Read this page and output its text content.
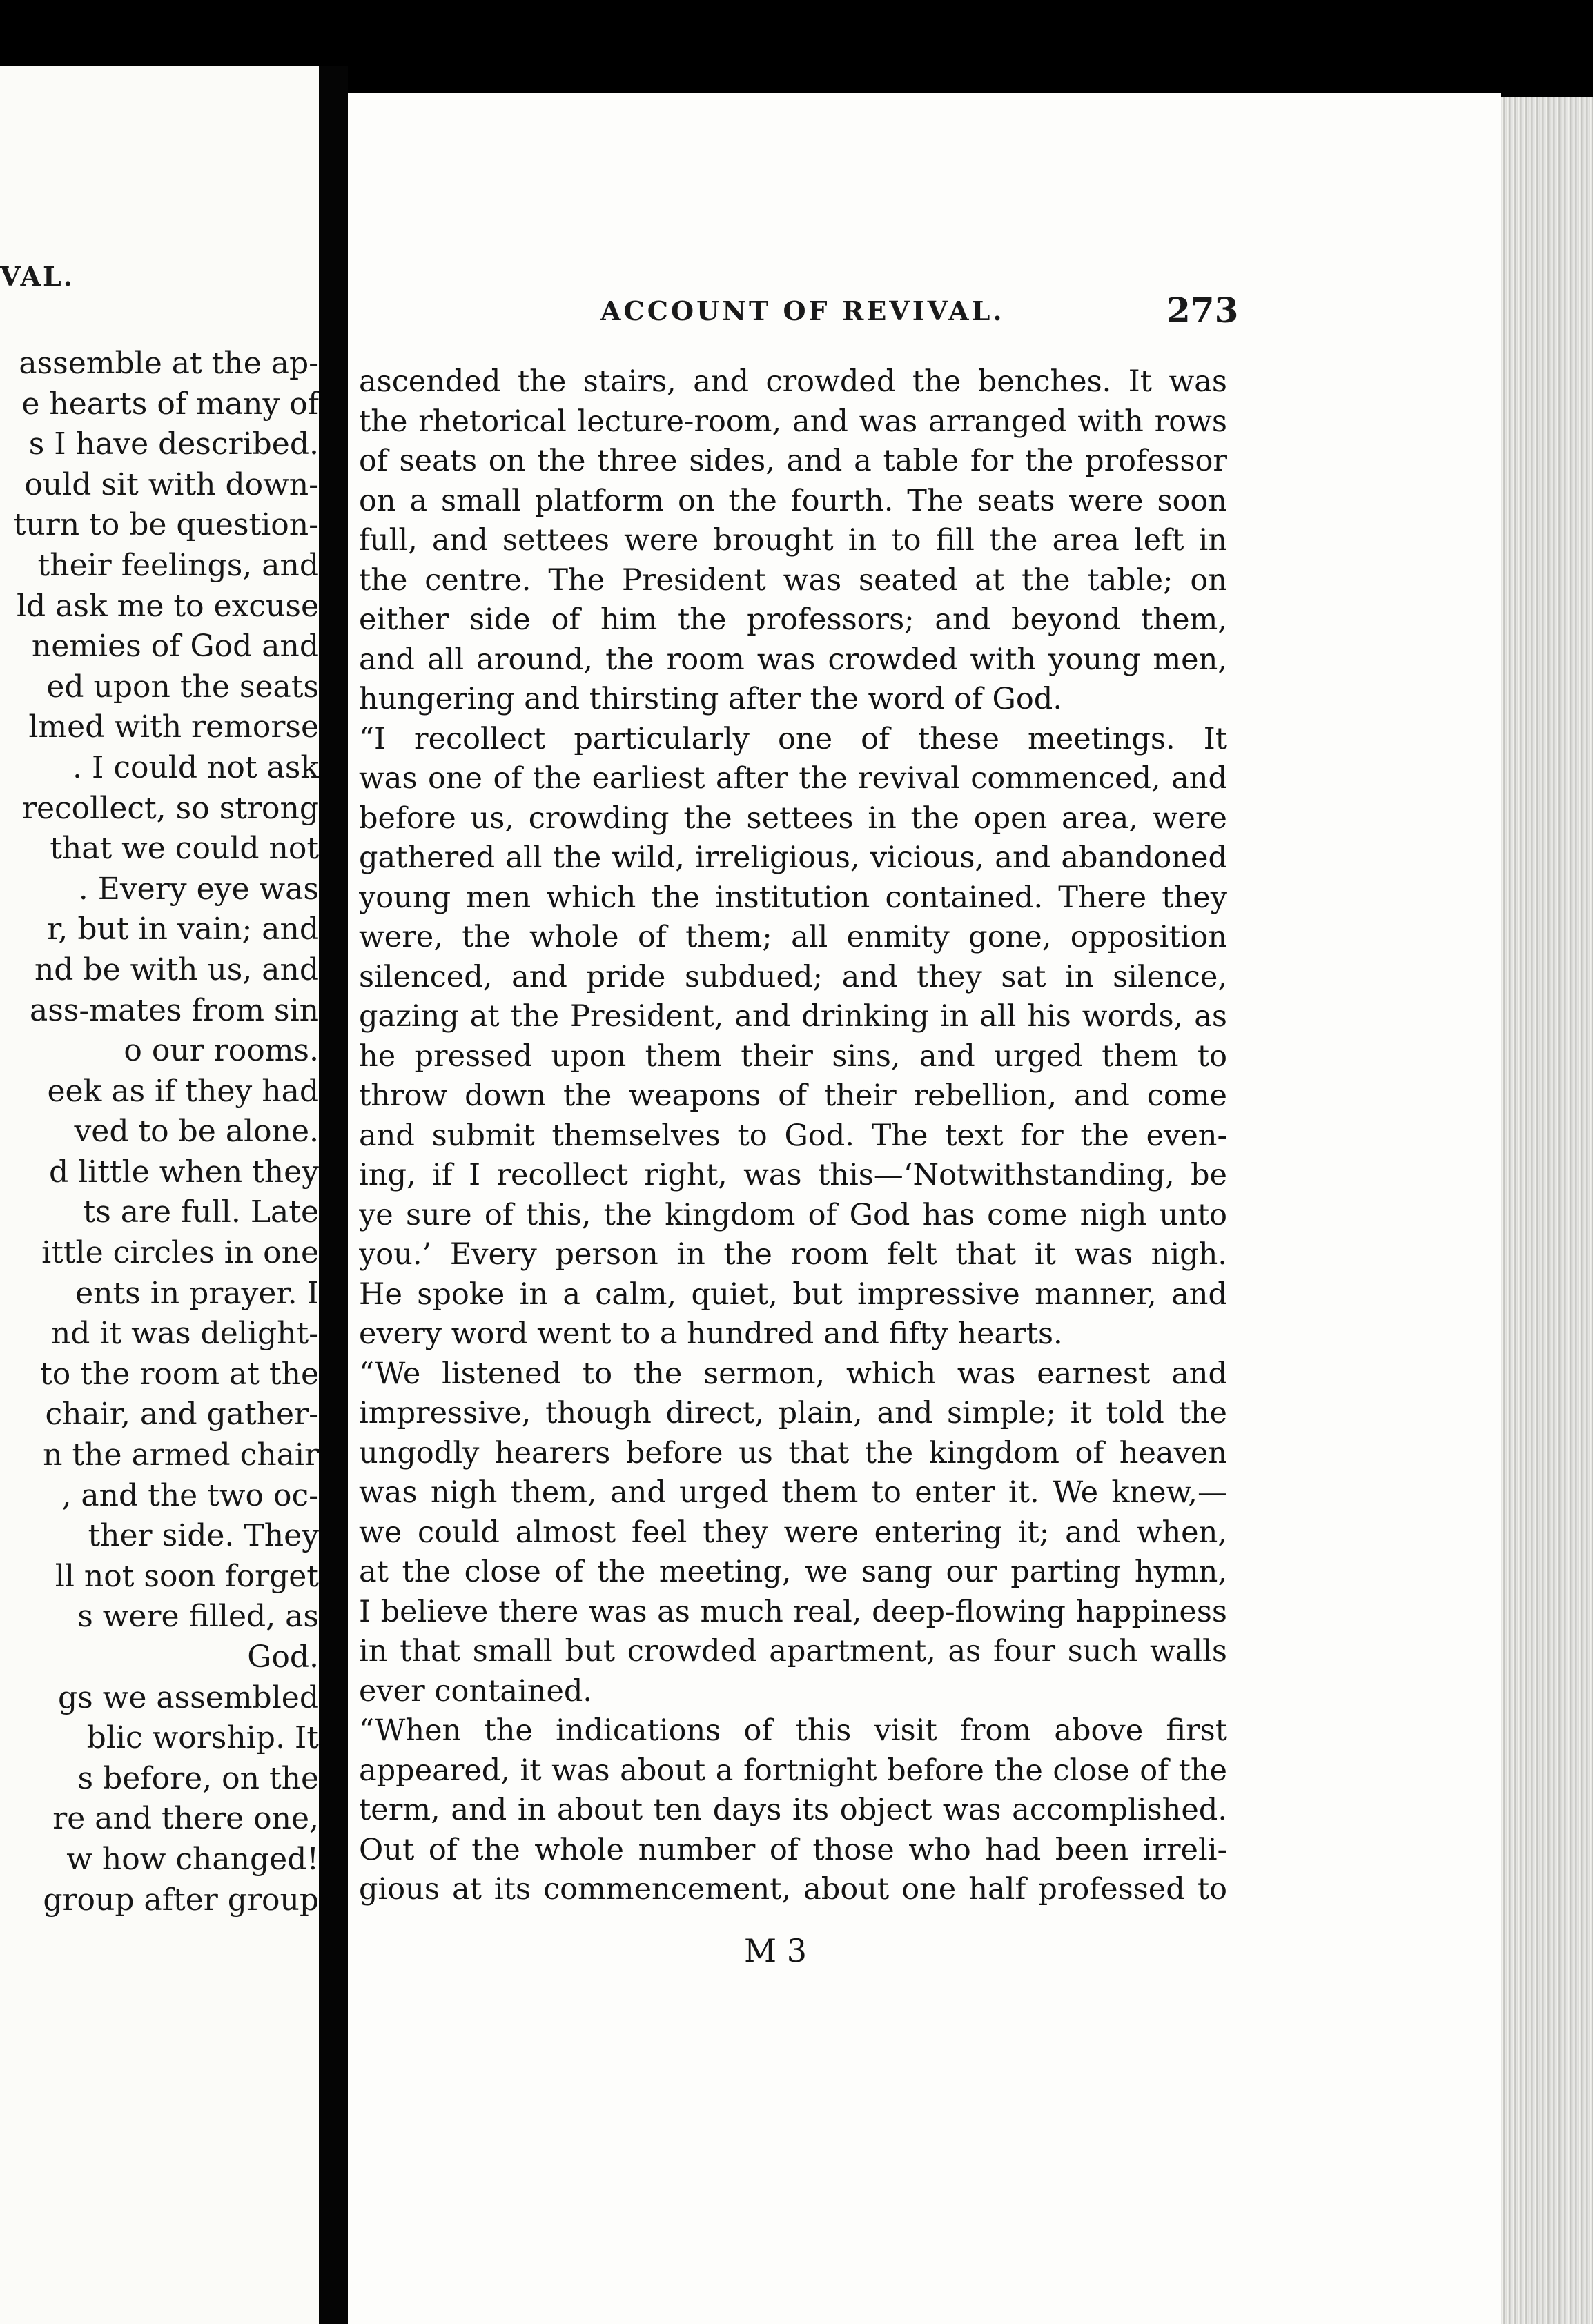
VAL.
assemble at the ap-
e hearts of many of
s I have described.
ould sit with down-
turn to be question-
their feelings, and
ld ask me to excuse
nemies of God and
ed upon the seats
lmed with remorse
. I could not ask
recollect, so strong
that we could not
. Every eye was
r, but in vain; and
nd be with us, and
ass-mates from sin
o our rooms.
eek as if they had
ved to be alone.
d little when they
ts are full. Late
ittle circles in one
ents in prayer. I
nd it was delight-
to the room at the
chair, and gather-
n the armed chair
, and the two oc-
ther side. They
ll not soon forget
s were filled, as
God.
gs we assembled
blic worship. It
s before, on the
re and there one,
w how changed!
group after group
ACCOUNT OF REVIVAL.	273
ascended the stairs, and crowded the benches. It was
the rhetorical lecture-room, and was arranged with rows
of seats on the three sides, and a table for the professor
on a small platform on the fourth. The seats were soon
full, and settees were brought in to fill the area left in
the centre. The President was seated at the table; on
either side of him the professors; and beyond them,
and all around, the room was crowded with young men,
hungering and thirsting after the word of God.
“I recollect particularly one of these meetings. It
was one of the earliest after the revival commenced, and
before us, crowding the settees in the open area, were
gathered all the wild, irreligious, vicious, and abandoned
young men which the institution contained. There they
were, the whole of them; all enmity gone, opposition
silenced, and pride subdued; and they sat in silence,
gazing at the President, and drinking in all his words, as
he pressed upon them their sins, and urged them to
throw down the weapons of their rebellion, and come
and submit themselves to God. The text for the even-
ing, if I recollect right, was this—‘Notwithstanding, be
ye sure of this, the kingdom of God has come nigh unto
you.’ Every person in the room felt that it was nigh.
He spoke in a calm, quiet, but impressive manner, and
every word went to a hundred and fifty hearts.
“We listened to the sermon, which was earnest and
impressive, though direct, plain, and simple; it told the
ungodly hearers before us that the kingdom of heaven
was nigh them, and urged them to enter it. We knew,—
we could almost feel they were entering it; and when,
at the close of the meeting, we sang our parting hymn,
I believe there was as much real, deep-flowing happiness
in that small but crowded apartment, as four such walls
ever contained.
“When the indications of this visit from above first
appeared, it was about a fortnight before the close of the
term, and in about ten days its object was accomplished.
Out of the whole number of those who had been irreli-
gious at its commencement, about one half professed to
M 3
